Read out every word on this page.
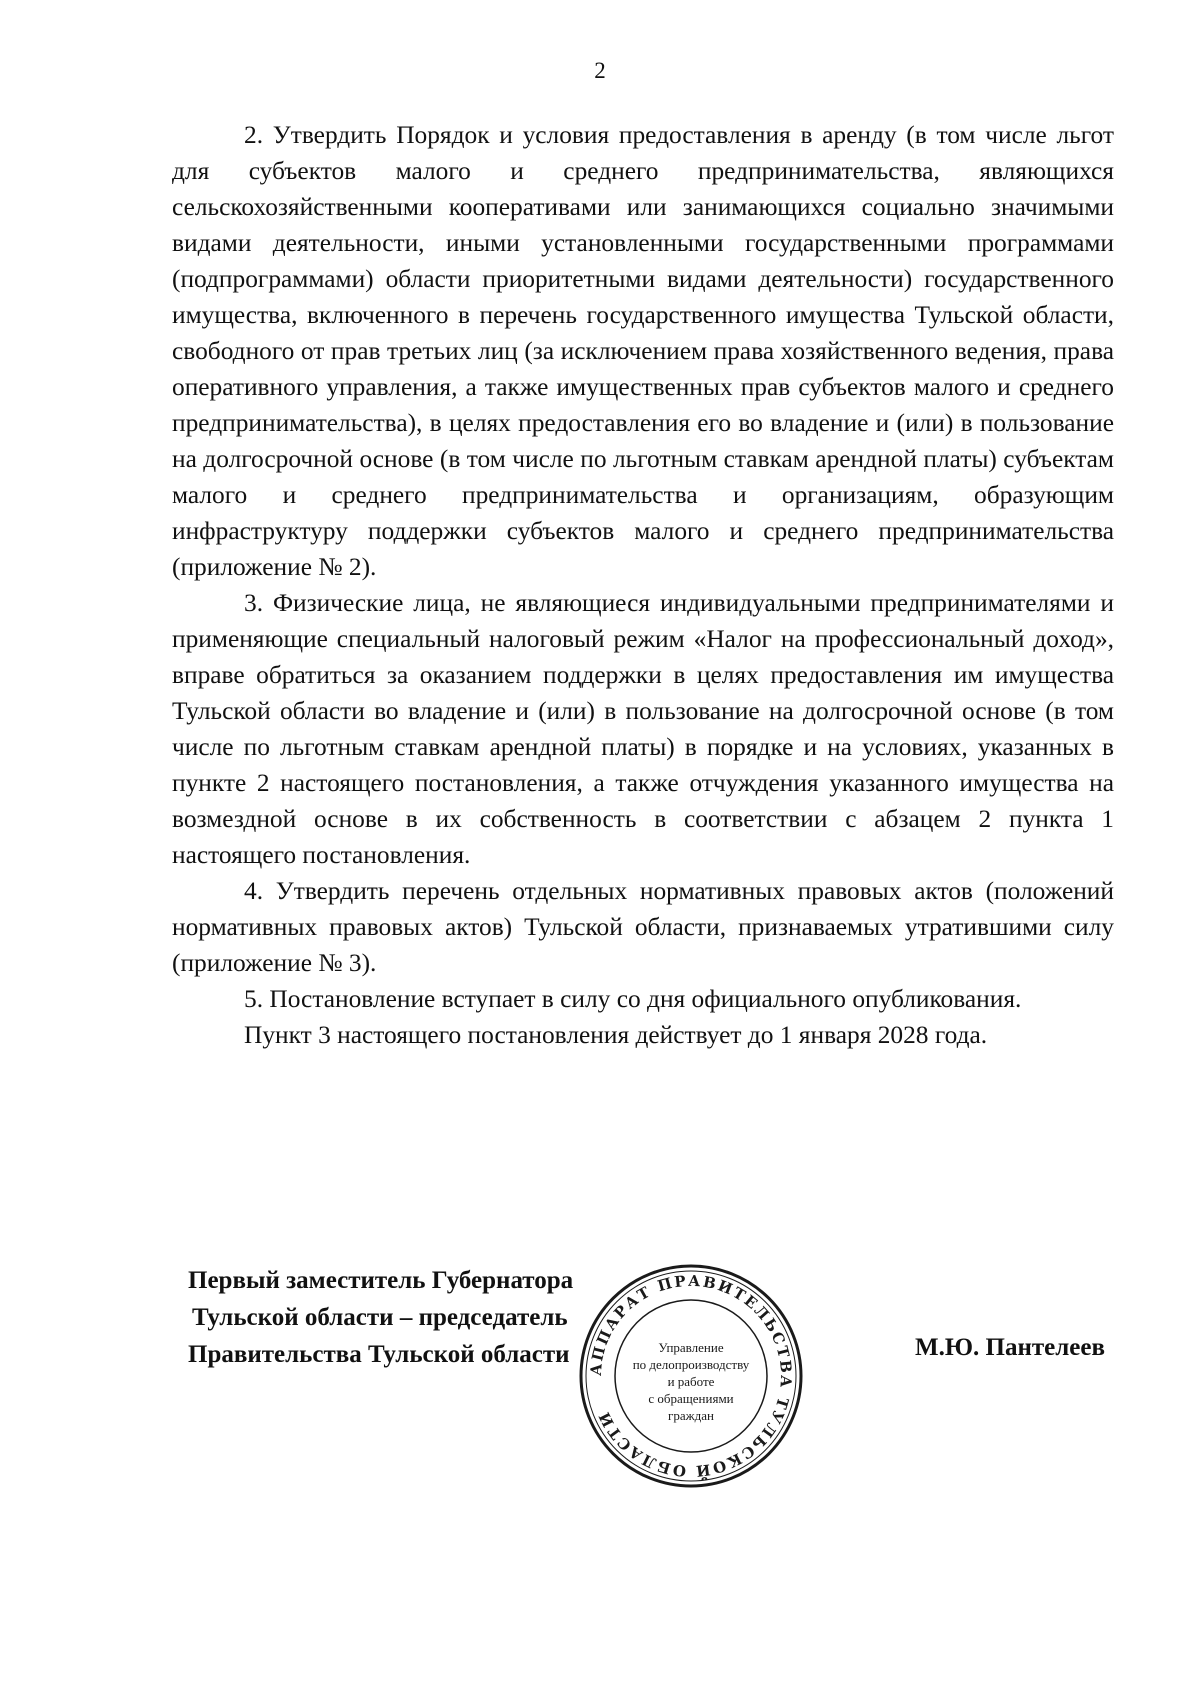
2

2. Утвердить Порядок и условия предоставления в аренду (в том числе льгот для субъектов малого и среднего предпринимательства, являющихся сельскохозяйственными кооперативами или занимающихся социально значимыми видами деятельности, иными установленными государственными программами (подпрограммами) области приоритетными видами деятельности) государственного имущества, включенного в перечень государственного имущества Тульской области, свободного от прав третьих лиц (за исключением права хозяйственного ведения, права оперативного управления, а также имущественных прав субъектов малого и среднего предпринимательства), в целях предоставления его во владение и (или) в пользование на долгосрочной основе (в том числе по льготным ставкам арендной платы) субъектам малого и среднего предпринимательства и организациям, образующим инфраструктуру поддержки субъектов малого и среднего предпринимательства (приложение № 2).

3. Физические лица, не являющиеся индивидуальными предпринимателями и применяющие специальный налоговый режим «Налог на профессиональный доход», вправе обратиться за оказанием поддержки в целях предоставления им имущества Тульской области во владение и (или) в пользование на долгосрочной основе (в том числе по льготным ставкам арендной платы) в порядке и на условиях, указанных в пункте 2 настоящего постановления, а также отчуждения указанного имущества на возмездной основе в их собственность в соответствии с абзацем 2 пункта 1 настоящего постановления.

4. Утвердить перечень отдельных нормативных правовых актов (положений нормативных правовых актов) Тульской области, признаваемых утратившими силу (приложение № 3).

5. Постановление вступает в силу со дня официального опубликования.

Пункт 3 настоящего постановления действует до 1 января 2028 года.

Первый заместитель Губернатора
Тульской области – председатель
Правительства Тульской области	М.Ю. Пантелеев
АППАРАТ ПРАВИТЕЛЬСТВА ТУЛЬСКОЙ ОБЛАСТИ
Управление
по делопроизводству
и работе
с обращениями
граждан
